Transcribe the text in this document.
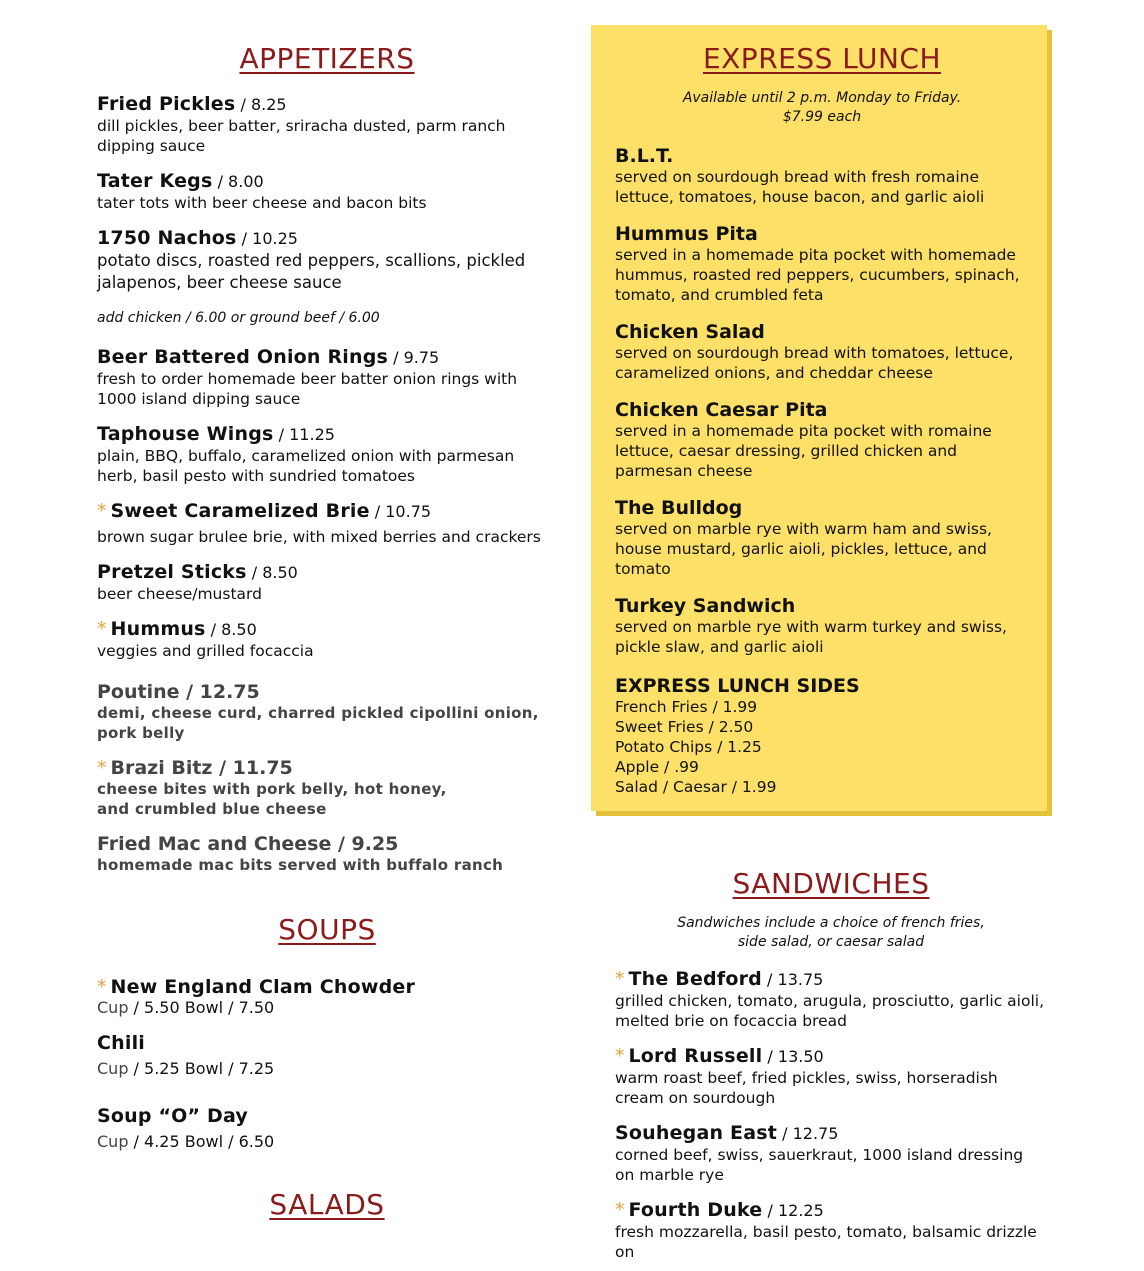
APPETIZERS
Fried Pickles / 8.25
dill pickles, beer batter, sriracha dusted, parm ranch dipping sauce
Tater Kegs / 8.00
tater tots with beer cheese and bacon bits
1750 Nachos / 10.25
potato discs, roasted red peppers, scallions, pickled jalapenos, beer cheese sauce
add chicken / 6.00 or ground beef / 6.00
Beer Battered Onion Rings / 9.75
fresh to order homemade beer batter onion rings with 1000 island dipping sauce
Taphouse Wings / 11.25
plain, BBQ, buffalo, caramelized onion with parmesan herb, basil pesto with sundried tomatoes
* Sweet Caramelized Brie / 10.75
brown sugar brulee brie, with mixed berries and crackers
Pretzel Sticks / 8.50
beer cheese/mustard
* Hummus / 8.50
veggies and grilled focaccia
Poutine / 12.75
demi, cheese curd, charred pickled cipollini onion, pork belly
* Brazi Bitz / 11.75
cheese bites with pork belly, hot honey,
and crumbled blue cheese
Fried Mac and Cheese / 9.25
homemade mac bits served with buffalo ranch
SOUPS
* New England Clam Chowder
Cup / 5.50 Bowl / 7.50
Chili
Cup / 5.25 Bowl / 7.25
Soup “O” Day
Cup / 4.25 Bowl / 6.50
SALADS
EXPRESS LUNCH
Available until 2 p.m. Monday to Friday.
$7.99 each
B.L.T.
served on sourdough bread with fresh romaine lettuce, tomatoes, house bacon, and garlic aioli
Hummus Pita
served in a homemade pita pocket with homemade hummus, roasted red peppers, cucumbers, spinach, tomato, and crumbled feta
Chicken Salad
served on sourdough bread with tomatoes, lettuce, caramelized onions, and cheddar cheese
Chicken Caesar Pita
served in a homemade pita pocket with romaine lettuce, caesar dressing, grilled chicken and parmesan cheese
The Bulldog
served on marble rye with warm ham and swiss, house mustard, garlic aioli, pickles, lettuce, and tomato
Turkey Sandwich
served on marble rye with warm turkey and swiss, pickle slaw, and garlic aioli
EXPRESS LUNCH SIDES
French Fries / 1.99
Sweet Fries / 2.50
Potato Chips / 1.25
Apple / .99
Salad / Caesar / 1.99
SANDWICHES
Sandwiches include a choice of french fries,
side salad, or caesar salad
* The Bedford / 13.75
grilled chicken, tomato, arugula, prosciutto, garlic aioli, melted brie on focaccia bread
* Lord Russell / 13.50
warm roast beef, fried pickles, swiss, horseradish cream on sourdough
Souhegan East / 12.75
corned beef, swiss, sauerkraut, 1000 island dressing on marble rye
* Fourth Duke / 12.25
fresh mozzarella, basil pesto, tomato, balsamic drizzle on
